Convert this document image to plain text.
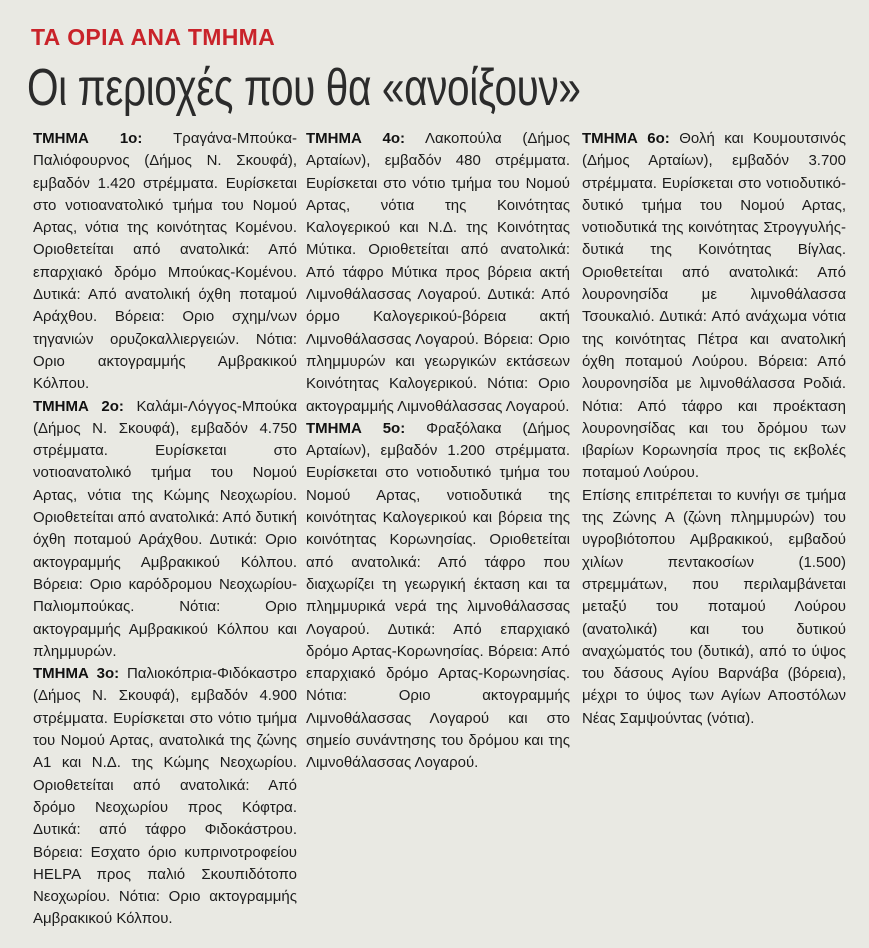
ΤΑ ΟΡΙΑ ΑΝΑ ΤΜΗΜΑ
Οι περιοχές που θα «ανοίξουν»

ΤΜΗΜΑ 1ο: Τραγάνα-Μπούκα-Παλιόφουρνος (Δήμος Ν. Σκουφά), εμβαδόν 1.420 στρέμματα. Ευρίσκεται στο νοτιοανατολικό τμήμα του Νομού Αρτας, νότια της κοινότητας Κομένου. Οριοθετείται από ανατολικά: Από επαρχιακό δρόμο Μπούκας-Κομένου. Δυτικά: Από ανατολική όχθη ποταμού Αράχθου. Βόρεια: Οριο σχημ/νων τηγανιών ορυζοκαλλιεργειών. Νότια: Οριο ακτογραμμής Αμβρακικού Κόλπου.

ΤΜΗΜΑ 2ο: Καλάμι-Λόγγος-Μπούκα (Δήμος Ν. Σκουφά), εμβαδόν 4.750 στρέμματα. Ευρίσκεται στο νοτιοανατολικό τμήμα του Νομού Αρτας, νότια της Κώμης Νεοχωρίου. Οριοθετείται από ανατολικά: Από δυτική όχθη ποταμού Αράχθου. Δυτικά: Οριο ακτογραμμής Αμβρακικού Κόλπου. Βόρεια: Οριο καρόδρομου Νεοχωρίου- Παλιομπούκας. Νότια: Οριο ακτογραμμής Αμβρακικού Κόλπου και πλημμυρών.

ΤΜΗΜΑ 3ο: Παλιοκόπρια-Φιδόκαστρο (Δήμος Ν. Σκουφά), εμβαδόν 4.900 στρέμματα. Ευρίσκεται στο νότιο τμήμα του Νομού Αρτας, ανατολικά της ζώνης Α1 και Ν.Δ. της Κώμης Νεοχωρίου. Οριοθετείται από ανατολικά: Από δρόμο Νεοχωρίου προς Κόφτρα. Δυτικά: από τάφρο Φιδοκάστρου. Βόρεια: Εσχατο όριο κυπρινοτροφείου HELPA προς παλιό Σκουπιδότοπο Νεοχωρίου. Νότια: Οριο ακτογραμμής Αμβρακικού Κόλπου.

ΤΜΗΜΑ 4ο: Λακοπούλα (Δήμος Αρταίων), εμβαδόν 480 στρέμματα. Ευρίσκεται στο νότιο τμήμα του Νομού Αρτας, νότια της Κοινότητας Καλογερικού και Ν.Δ. της Κοινότητας Μύτικα. Οριοθετείται από ανατολικά: Από τάφρο Μύτικα προς βόρεια ακτή Λιμνοθάλασσας Λογαρού. Δυτικά: Από όρμο Καλογερικού-βόρεια ακτή Λιμνοθάλασσας Λογαρού. Βόρεια: Οριο πλημμυρών και γεωργικών εκτάσεων Κοινότητας Καλογερικού. Νότια: Οριο ακτογραμμής Λιμνοθάλασσας Λογαρού.

ΤΜΗΜΑ 5ο: Φραξόλακα (Δήμος Αρταίων), εμβαδόν 1.200 στρέμματα. Ευρίσκεται στο νοτιοδυτικό τμήμα του Νομού Αρτας, νοτιοδυτικά της κοινότητας Καλογερικού και βόρεια της κοινότητας Κορωνησίας. Οριοθετείται από ανατολικά: Από τάφρο που διαχωρίζει τη γεωργική έκταση και τα πλημμυρικά νερά της λιμνοθάλασσας Λογαρού. Δυτικά: Από επαρχιακό δρόμο Αρτας-Κορωνησίας. Βόρεια: Από επαρχιακό δρόμο Αρτας-Κορωνησίας. Νότια: Οριο ακτογραμμής Λιμνοθάλασσας Λογαρού και στο σημείο συνάντησης του δρόμου και της Λιμνοθάλασσας Λογαρού.

ΤΜΗΜΑ 6ο: Θολή και Κουμουτσινός (Δήμος Αρταίων), εμβαδόν 3.700 στρέμματα. Ευρίσκεται στο νοτιοδυτικό-δυτικό τμήμα του Νομού Αρτας, νοτιοδυτικά της κοινότητας Στρογγυλής- δυτικά της Κοινότητας Βίγλας. Οριοθετείται από ανατολικά: Από λουρονησίδα με λιμνοθάλασσα Τσουκαλιό. Δυτικά: Από ανάχωμα νότια της κοινότητας Πέτρα και ανατολική όχθη ποταμού Λούρου. Βόρεια: Από λουρονησίδα με λιμνοθάλασσα Ροδιά. Νότια: Από τάφρο και προέκταση λουρονησίδας και του δρόμου των ιβαρίων Κορωνησία προς τις εκβολές ποταμού Λούρου.

Επίσης επιτρέπεται το κυνήγι σε τμήμα της Ζώνης Α (ζώνη πλημμυρών) του υγροβιότοπου Αμβρακικού, εμβαδού χιλίων πεντακοσίων (1.500) στρεμμάτων, που περιλαμβάνεται μεταξύ του ποταμού Λούρου (ανατολικά) και του δυτικού αναχώματός του (δυτικά), από το ύψος του δάσους Αγίου Βαρνάβα (βόρεια), μέχρι το ύψος των Αγίων Αποστόλων Νέας Σαμψούντας (νότια).
